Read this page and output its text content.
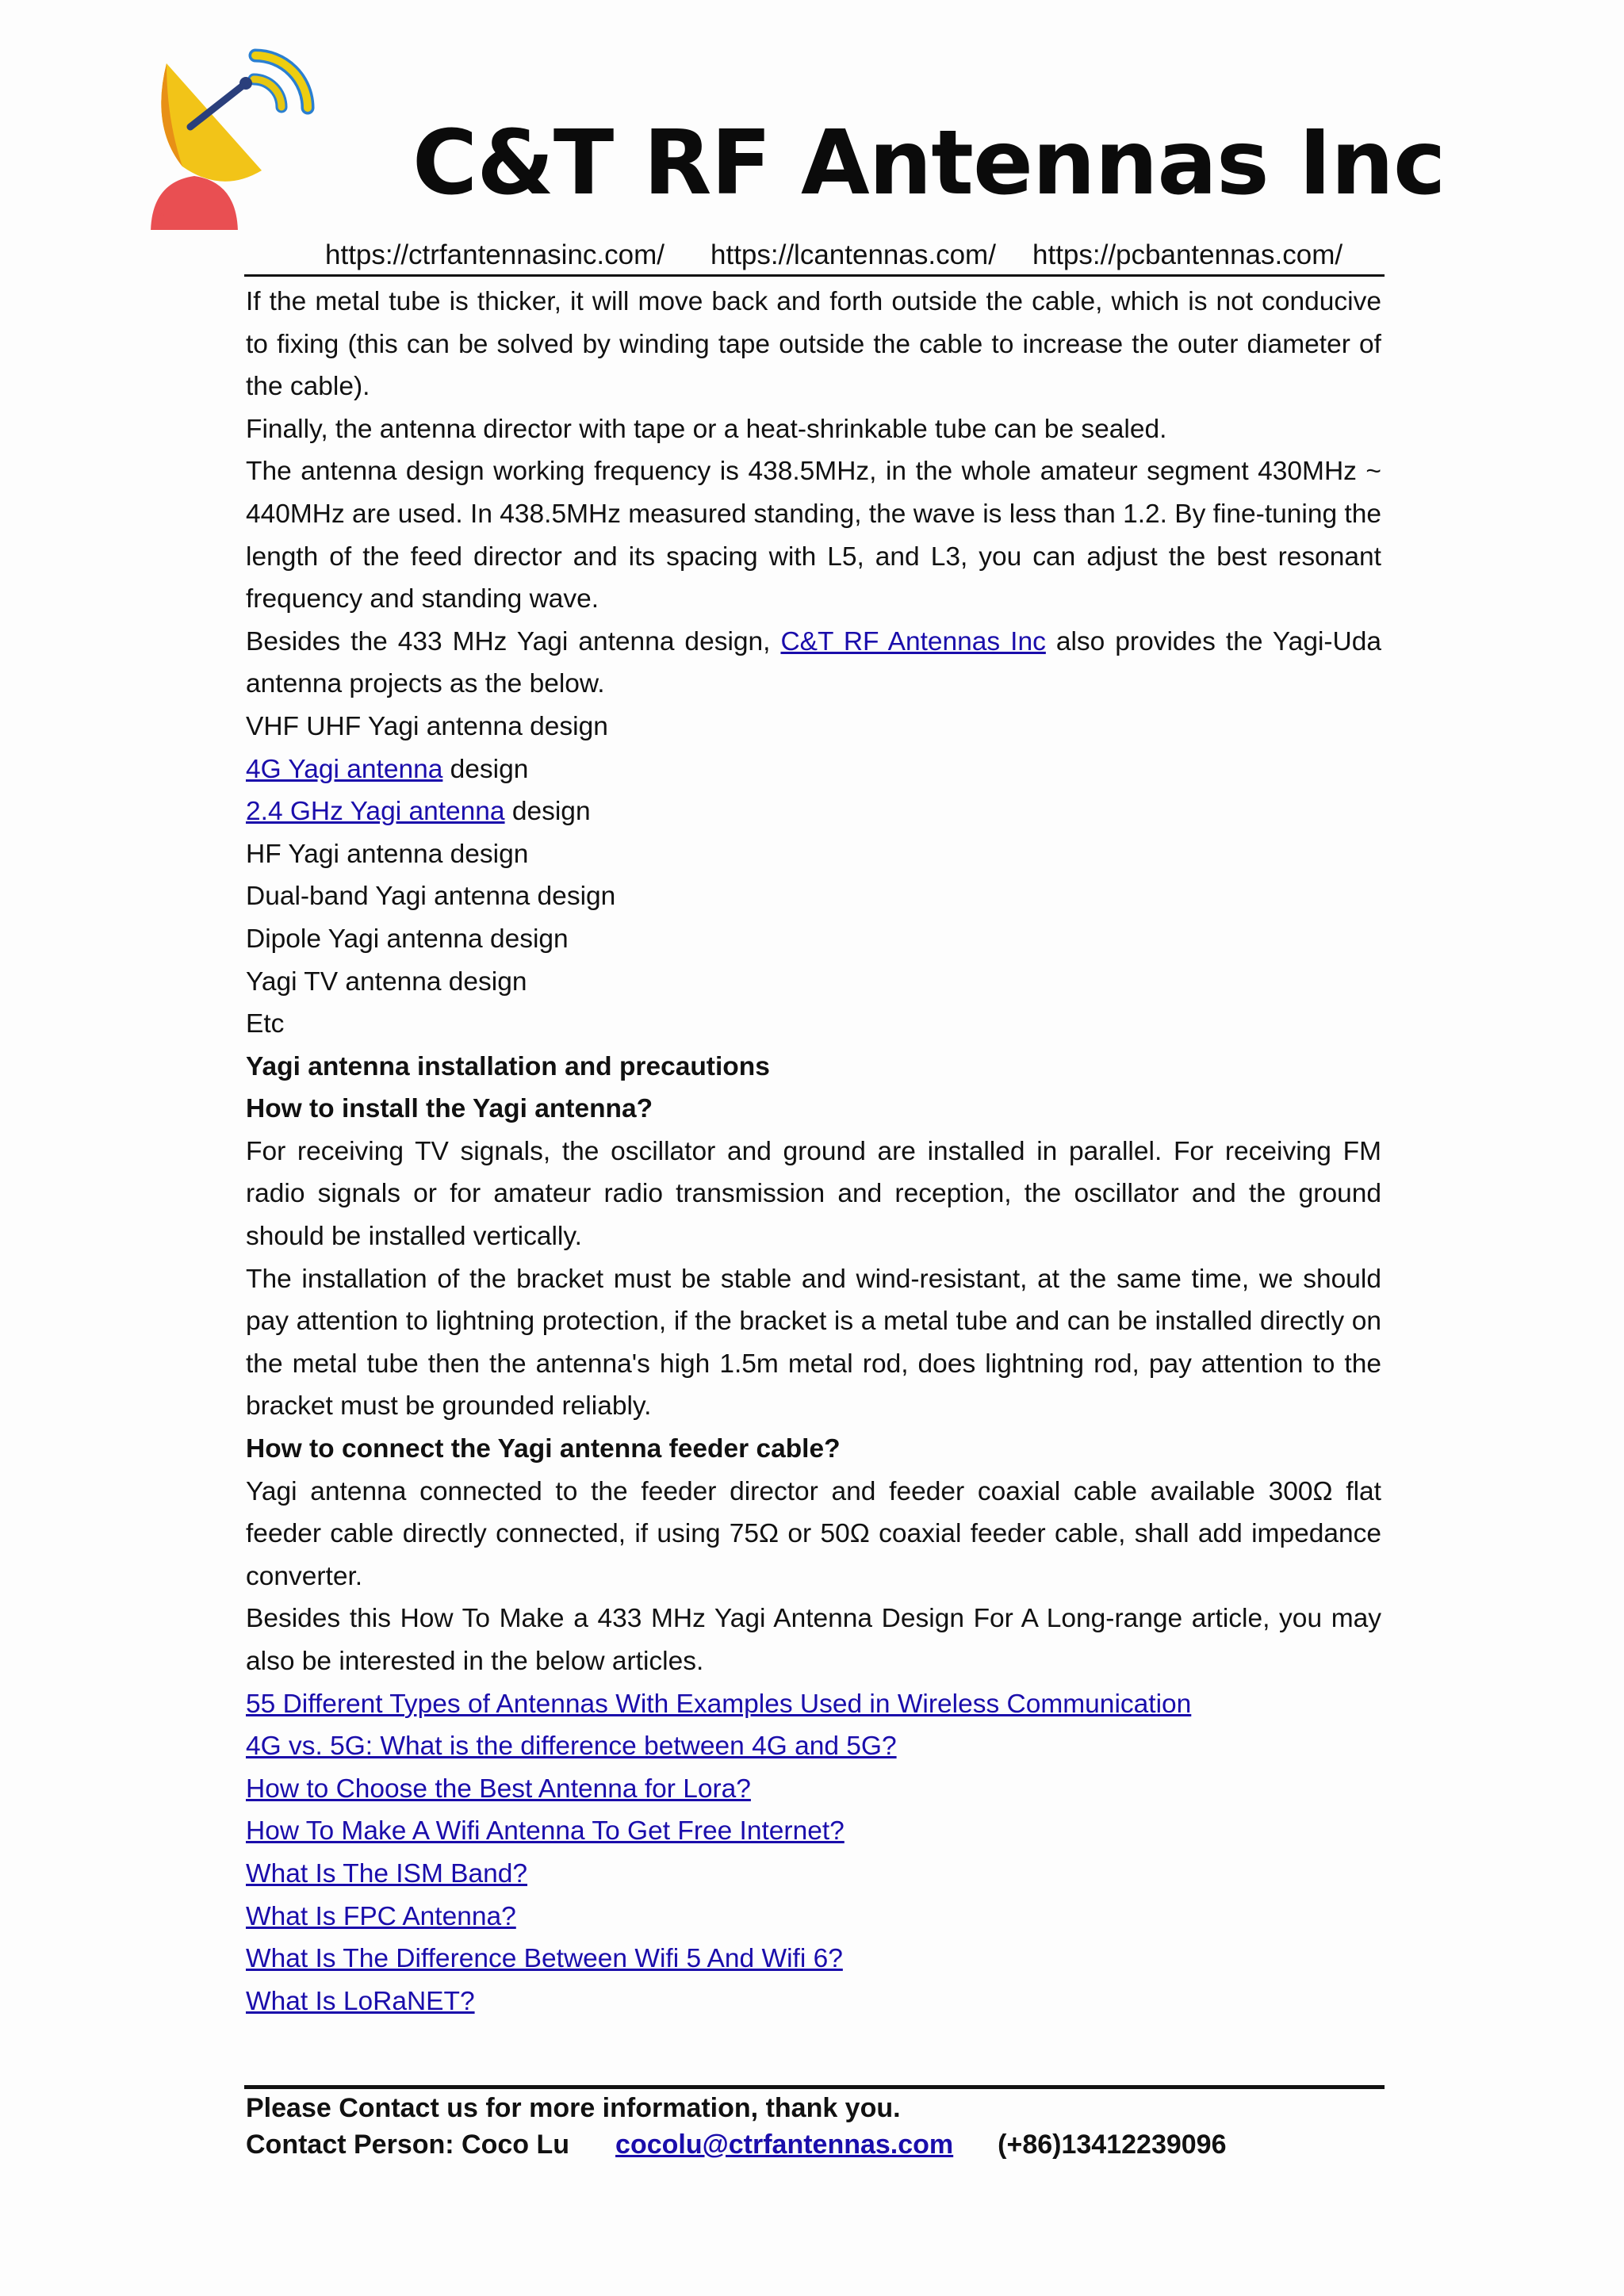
C&T RF Antennas Inc
https://ctrfantennasinc.com/ https://lcantennas.com/ https://pcbantennas.com/

If the metal tube is thicker, it will move back and forth outside the cable, which is not conducive to fixing (this can be solved by winding tape outside the cable to increase the outer diameter of the cable).

Finally, the antenna director with tape or a heat-shrinkable tube can be sealed.

The antenna design working frequency is 438.5MHz, in the whole amateur segment 430MHz ~ 440MHz are used. In 438.5MHz measured standing, the wave is less than 1.2. By fine-tuning the length of the feed director and its spacing with L5, and L3, you can adjust the best resonant frequency and standing wave.

Besides the 433 MHz Yagi antenna design, C&T RF Antennas Inc also provides the Yagi-Uda antenna projects as the below.

VHF UHF Yagi antenna design

4G Yagi antenna design

2.4 GHz Yagi antenna design

HF Yagi antenna design

Dual-band Yagi antenna design

Dipole Yagi antenna design

Yagi TV antenna design

Etc

Yagi antenna installation and precautions

How to install the Yagi antenna?

For receiving TV signals, the oscillator and ground are installed in parallel. For receiving FM radio signals or for amateur radio transmission and reception, the oscillator and the ground should be installed vertically.

The installation of the bracket must be stable and wind-resistant, at the same time, we should pay attention to lightning protection, if the bracket is a metal tube and can be installed directly on the metal tube then the antenna's high 1.5m metal rod, does lightning rod, pay attention to the bracket must be grounded reliably.

How to connect the Yagi antenna feeder cable?

Yagi antenna connected to the feeder director and feeder coaxial cable available 300Ω flat feeder cable directly connected, if using 75Ω or 50Ω coaxial feeder cable, shall add impedance converter.

Besides this How To Make a 433 MHz Yagi Antenna Design For A Long-range article, you may also be interested in the below articles.

55 Different Types of Antennas With Examples Used in Wireless Communication

4G vs. 5G: What is the difference between 4G and 5G?

How to Choose the Best Antenna for Lora?

How To Make A Wifi Antenna To Get Free Internet?

What Is The ISM Band?

What Is FPC Antenna?

What Is The Difference Between Wifi 5 And Wifi 6?

What Is LoRaNET?

Please Contact us for more information, thank you.
Contact Person: Coco Lu cocolu@ctrfantennas.com (+86)13412239096
